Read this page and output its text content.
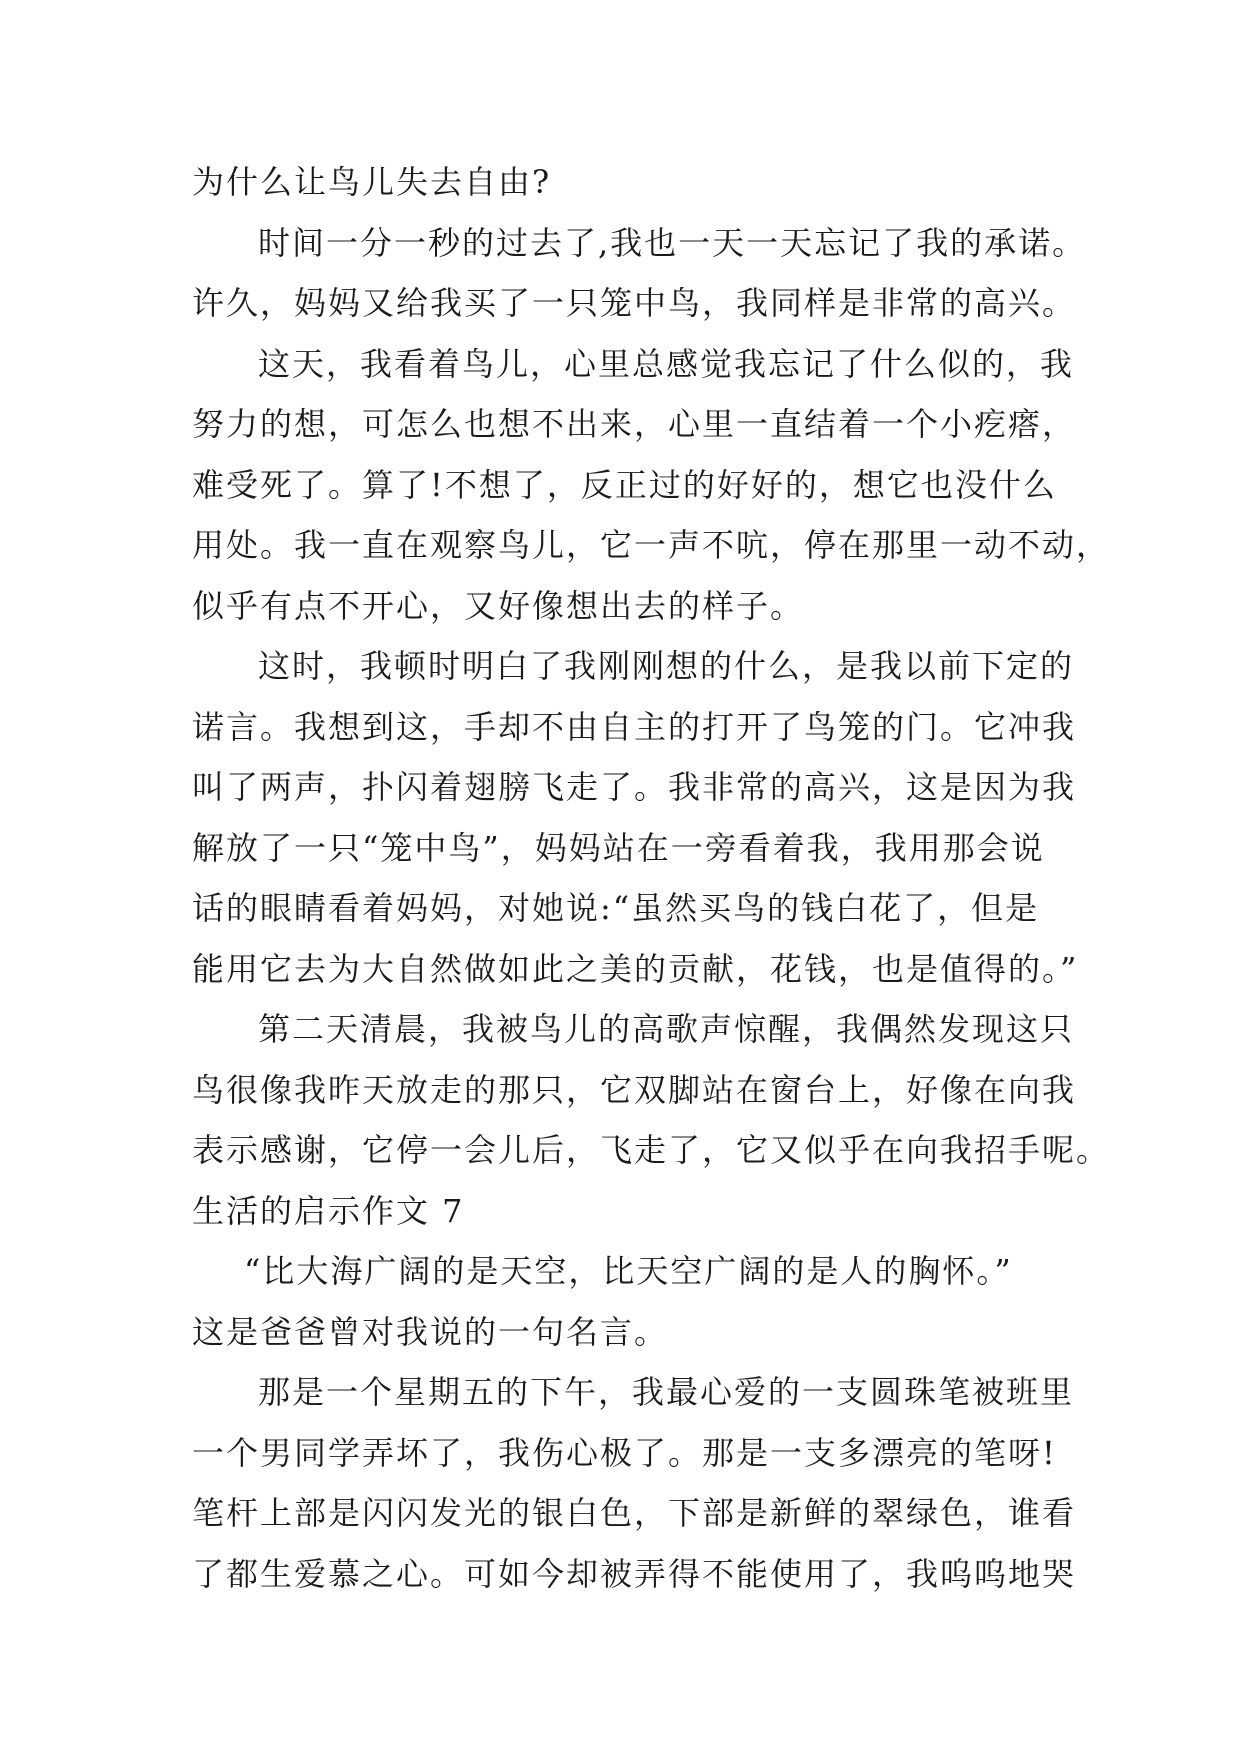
为什么让鸟儿失去自由?
时间一分一秒的过去了,我也一天一天忘记了我的承诺。
许久，妈妈又给我买了一只笼中鸟，我同样是非常的高兴。
这天，我看着鸟儿，心里总感觉我忘记了什么似的，我
努力的想，可怎么也想不出来，心里一直结着一个小疙瘩，
难受死了。算了!不想了，反正过的好好的，想它也没什么
用处。我一直在观察鸟儿，它一声不吭，停在那里一动不动，
似乎有点不开心，又好像想出去的样子。
这时，我顿时明白了我刚刚想的什么，是我以前下定的
诺言。我想到这，手却不由自主的打开了鸟笼的门。它冲我
叫了两声，扑闪着翅膀飞走了。我非常的高兴，这是因为我
解放了一只“笼中鸟”，妈妈站在一旁看着我，我用那会说
话的眼睛看着妈妈，对她说:“虽然买鸟的钱白花了，但是
能用它去为大自然做如此之美的贡献，花钱，也是值得的。”
第二天清晨，我被鸟儿的高歌声惊醒，我偶然发现这只
鸟很像我昨天放走的那只，它双脚站在窗台上，好像在向我
表示感谢，它停一会儿后，飞走了，它又似乎在向我招手呢。
生活的启示作文 7
“比大海广阔的是天空，比天空广阔的是人的胸怀。”
这是爸爸曾对我说的一句名言。
那是一个星期五的下午，我最心爱的一支圆珠笔被班里
一个男同学弄坏了，我伤心极了。那是一支多漂亮的笔呀!
笔杆上部是闪闪发光的银白色，下部是新鲜的翠绿色，谁看
了都生爱慕之心。可如今却被弄得不能使用了，我呜呜地哭
